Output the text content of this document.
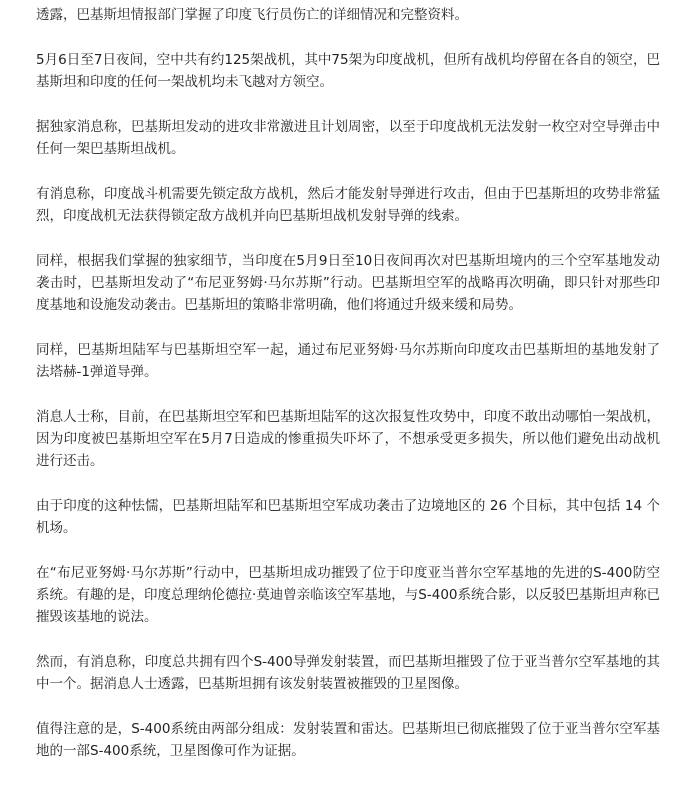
透露，巴基斯坦情报部门掌握了印度飞行员伤亡的详细情况和完整资料。

5月6日至7日夜间，空中共有约125架战机，其中75架为印度战机，但所有战机均停留在各自的领空，巴基斯坦和印度的任何一架战机均未飞越对方领空。

据独家消息称，巴基斯坦发动的进攻非常激进且计划周密，以至于印度战机无法发射一枚空对空导弹击中任何一架巴基斯坦战机。

有消息称，印度战斗机需要先锁定敌方战机，然后才能发射导弹进行攻击，但由于巴基斯坦的攻势非常猛烈，印度战机无法获得锁定敌方战机并向巴基斯坦战机发射导弹的线索。

同样，根据我们掌握的独家细节，当印度在5月9日至10日夜间再次对巴基斯坦境内的三个空军基地发动袭击时，巴基斯坦发动了“布尼亚努姆·马尔苏斯”行动。巴基斯坦空军的战略再次明确，即只针对那些印度基地和设施发动袭击。巴基斯坦的策略非常明确，他们将通过升级来缓和局势。

同样，巴基斯坦陆军与巴基斯坦空军一起，通过布尼亚努姆·马尔苏斯向印度攻击巴基斯坦的基地发射了法塔赫-1弹道导弹。

消息人士称，目前，在巴基斯坦空军和巴基斯坦陆军的这次报复性攻势中，印度不敢出动哪怕一架战机，因为印度被巴基斯坦空军在5月7日造成的惨重损失吓坏了，不想承受更多损失，所以他们避免出动战机进行还击。

由于印度的这种怯懦，巴基斯坦陆军和巴基斯坦空军成功袭击了边境地区的 26 个目标，其中包括 14 个机场。

在“布尼亚努姆·马尔苏斯”行动中，巴基斯坦成功摧毁了位于印度亚当普尔空军基地的先进的S-400防空系统。有趣的是，印度总理纳伦德拉·莫迪曾亲临该空军基地，与S-400系统合影，以反驳巴基斯坦声称已摧毁该基地的说法。

然而，有消息称，印度总共拥有四个S-400导弹发射装置，而巴基斯坦摧毁了位于亚当普尔空军基地的其中一个。据消息人士透露，巴基斯坦拥有该发射装置被摧毁的卫星图像。

值得注意的是，S-400系统由两部分组成：发射装置和雷达。巴基斯坦已彻底摧毁了位于亚当普尔空军基地的一部S-400系统，卫星图像可作为证据。
